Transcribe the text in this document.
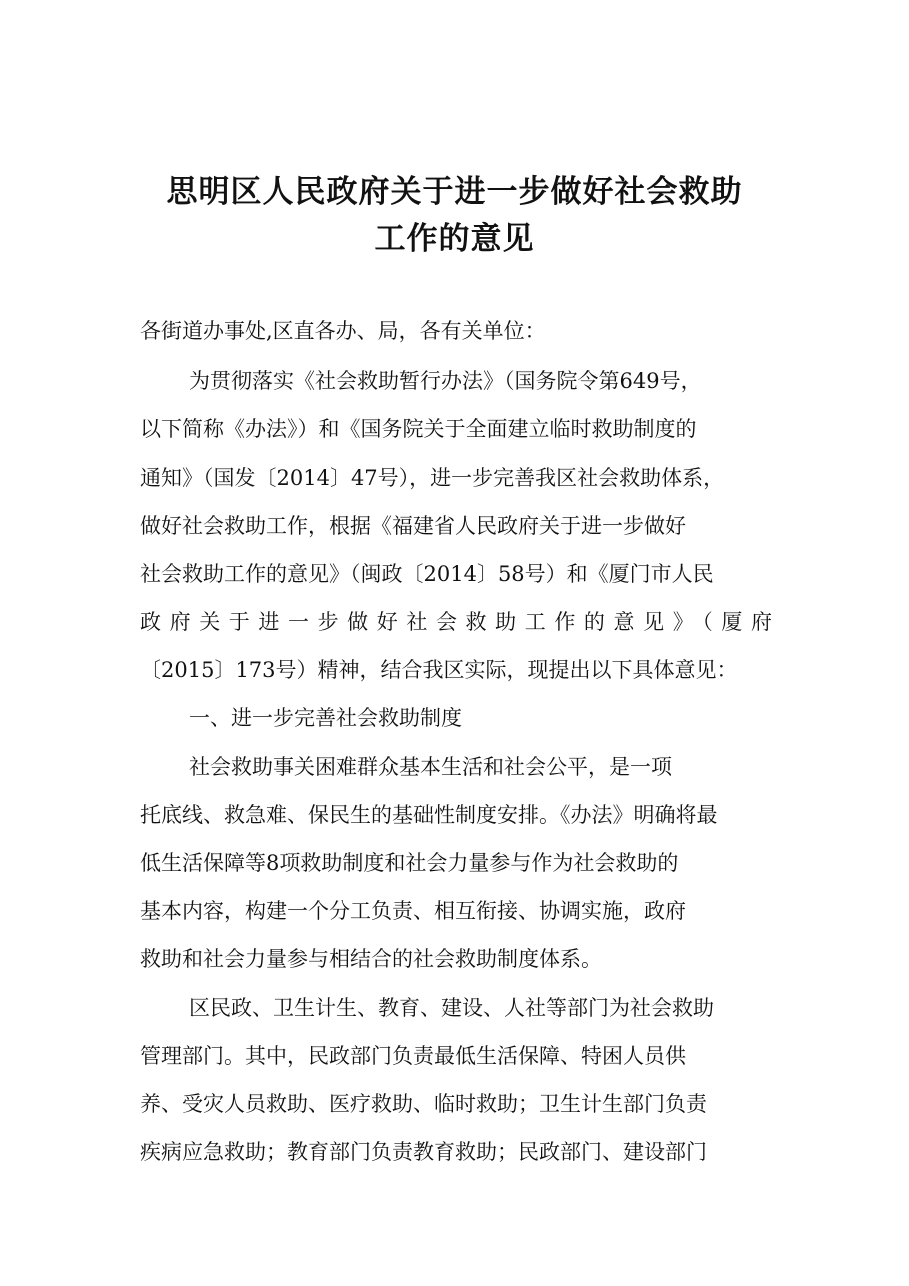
思明区人民政府关于进一步做好社会救助
工作的意见

各街道办事处,区直各办、局，各有关单位：

为贯彻落实《社会救助暂行办法》（国务院令第649号，

以下简称《办法》）和《国务院关于全面建立临时救助制度的

通知》（国发〔2014〕47号），进一步完善我区社会救助体系，

做好社会救助工作，根据《福建省人民政府关于进一步做好

社会救助工作的意见》（闽政〔2014〕58号）和《厦门市人民

政府关于进一步做好社会救助工作的意见》（厦府

〔2015〕173号）精神，结合我区实际，现提出以下具体意见：

一、进一步完善社会救助制度

社会救助事关困难群众基本生活和社会公平，是一项

托底线、救急难、保民生的基础性制度安排。《办法》明确将最

低生活保障等8项救助制度和社会力量参与作为社会救助的

基本内容，构建一个分工负责、相互衔接、协调实施，政府

救助和社会力量参与相结合的社会救助制度体系。

区民政、卫生计生、教育、建设、人社等部门为社会救助

管理部门。其中，民政部门负责最低生活保障、特困人员供

养、受灾人员救助、医疗救助、临时救助；卫生计生部门负责

疾病应急救助；教育部门负责教育救助；民政部门、建设部门
